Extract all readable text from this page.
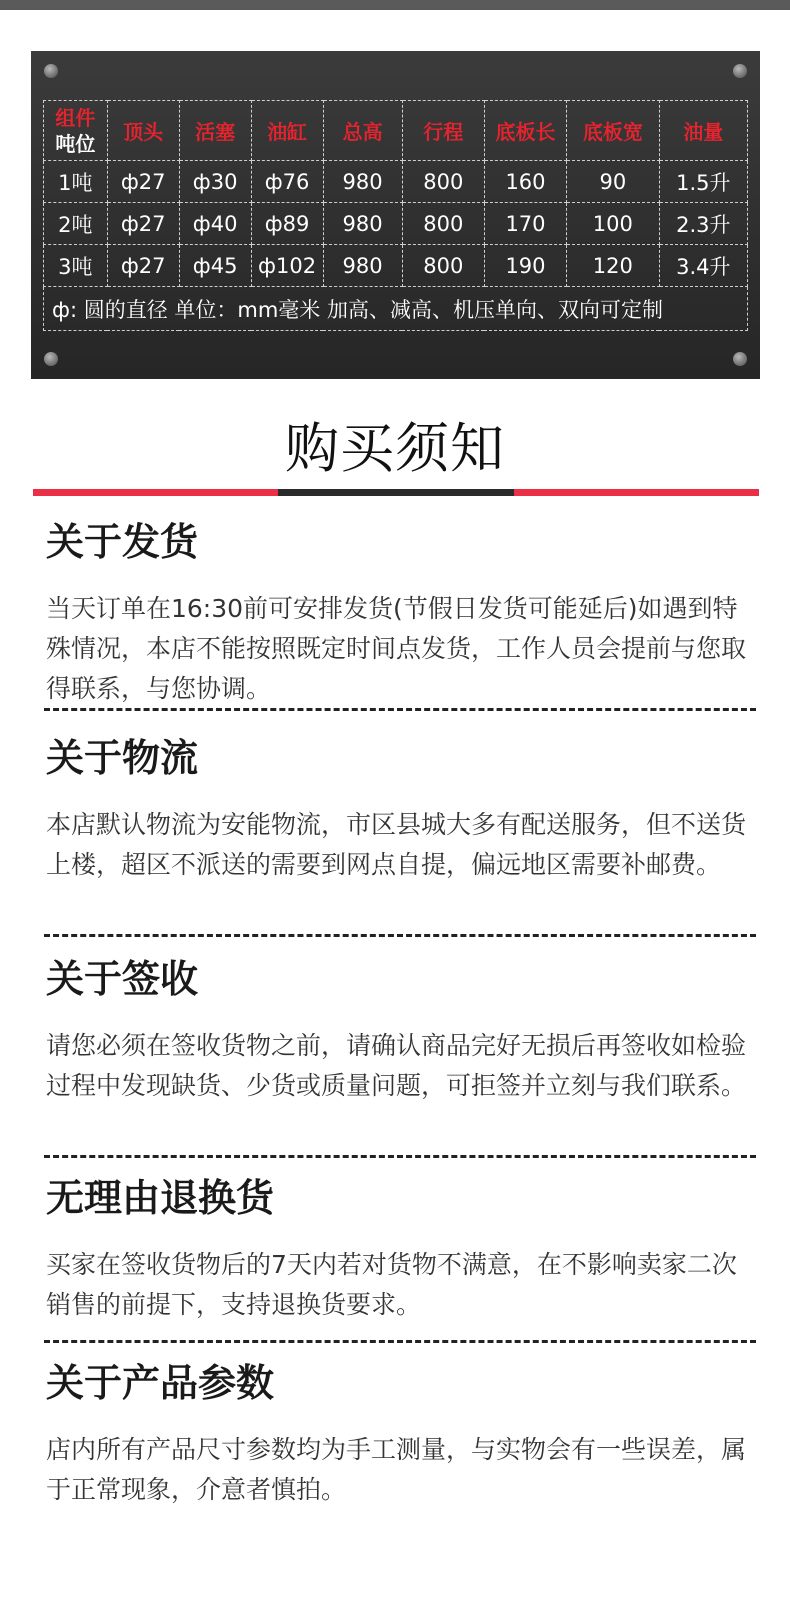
组件
吨位	顶头	活塞	油缸	总高	行程	底板长	底板宽	油量
1吨	ф27	ф30	ф76	980	800	160	90	1.5升
2吨	ф27	ф40	ф89	980	800	170	100	2.3升
3吨	ф27	ф45	ф102	980	800	190	120	3.4升
ф: 圆的直径 单位：mm毫米 加高、减高、机压单向、双向可定制								
购买须知
关于发货

当天订单在16:30前可安排发货(节假日发货可能延后)如遇到特殊情况，本店不能按照既定时间点发货，工作人员会提前与您取得联系，与您协调。

关于物流

本店默认物流为安能物流，市区县城大多有配送服务，但不送货上楼，超区不派送的需要到网点自提，偏远地区需要补邮费。

关于签收

请您必须在签收货物之前，请确认商品完好无损后再签收如检验过程中发现缺货、少货或质量问题，可拒签并立刻与我们联系。

无理由退换货

买家在签收货物后的7天内若对货物不满意，在不影响卖家二次销售的前提下，支持退换货要求。

关于产品参数

店内所有产品尺寸参数均为手工测量，与实物会有一些误差，属于正常现象，介意者慎拍。
